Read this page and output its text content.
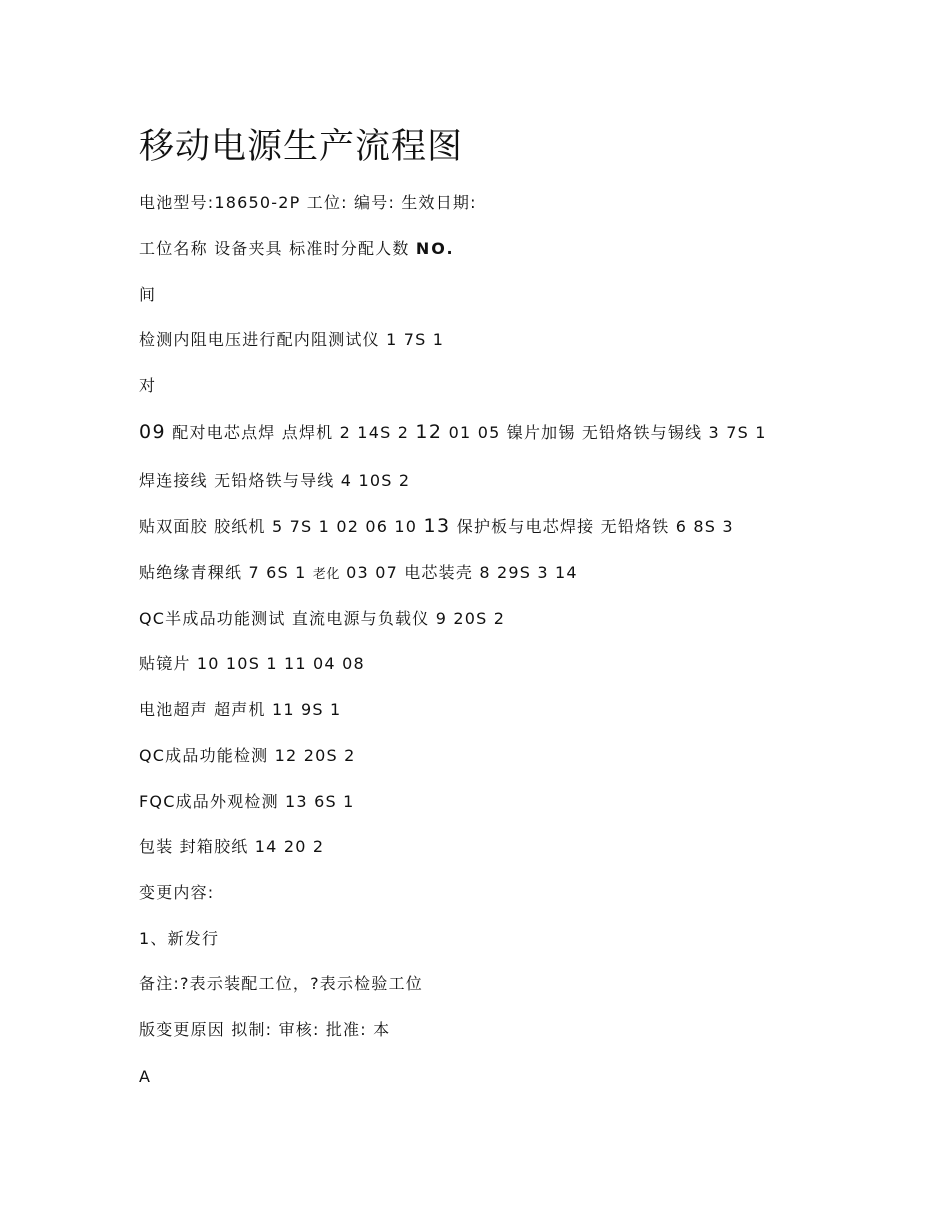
移动电源生产流程图

电池型号:18650-2P 工位: 编号: 生效日期:

工位名称 设备夹具 标准时分配人数 NO.

间

检测内阻电压进行配内阻测试仪 1 7S 1

对

09 配对电芯点焊 点焊机 2 14S 2 12 01 05 镍片加锡 无铅烙铁与锡线 3 7S 1

焊连接线 无铅烙铁与导线 4 10S 2

贴双面胶 胶纸机 5 7S 1 02 06 10 13 保护板与电芯焊接 无铅烙铁 6 8S 3

贴绝缘青稞纸 7 6S 1 老化 03 07 电芯装壳 8 29S 3 14

QC半成品功能测试 直流电源与负载仪 9 20S 2

贴镜片 10 10S 1 11 04 08

电池超声 超声机 11 9S 1

QC成品功能检测 12 20S 2

FQC成品外观检测 13 6S 1

包装 封箱胶纸 14 20 2

变更内容:

1、新发行

备注:?表示装配工位，?表示检验工位

版变更原因 拟制: 审核: 批准: 本

A
